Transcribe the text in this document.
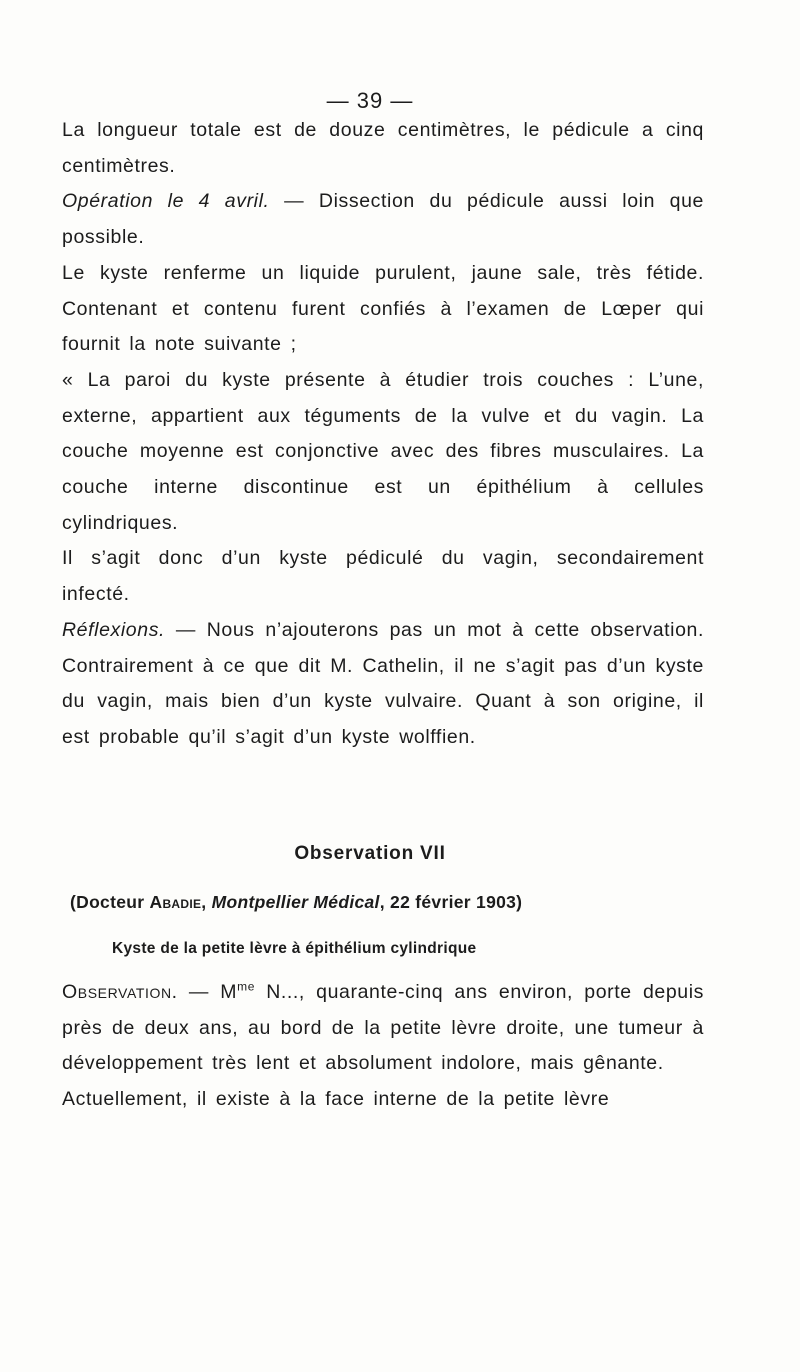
— 39 —

La longueur totale est de douze centimètres, le pédicule a cinq centimètres.

Opération le 4 avril. — Dissection du pédicule aussi loin que possible.

Le kyste renferme un liquide purulent, jaune sale, très fétide. Contenant et contenu furent confiés à l’examen de Lœper qui fournit la note suivante ;

« La paroi du kyste présente à étudier trois couches : L’une, externe, appartient aux téguments de la vulve et du vagin. La couche moyenne est conjonctive avec des fibres musculaires. La couche interne discontinue est un épithélium à cellules cylindriques.

Il s’agit donc d’un kyste pédiculé du vagin, secondairement infecté.

Réflexions. — Nous n’ajouterons pas un mot à cette observation. Contrairement à ce que dit M. Cathelin, il ne s’agit pas d’un kyste du vagin, mais bien d’un kyste vulvaire. Quant à son origine, il est probable qu’il s’agit d’un kyste wolffien.

Observation VII
(Docteur Abadie, Montpellier Médical, 22 février 1903)
Kyste de la petite lèvre à épithélium cylindrique

Observation. — $M^{me}$ N..., quarante-cinq ans environ, porte depuis près de deux ans, au bord de la petite lèvre droite, une tumeur à développement très lent et absolument indolore, mais gênante.

Actuellement, il existe à la face interne de la petite lèvre
